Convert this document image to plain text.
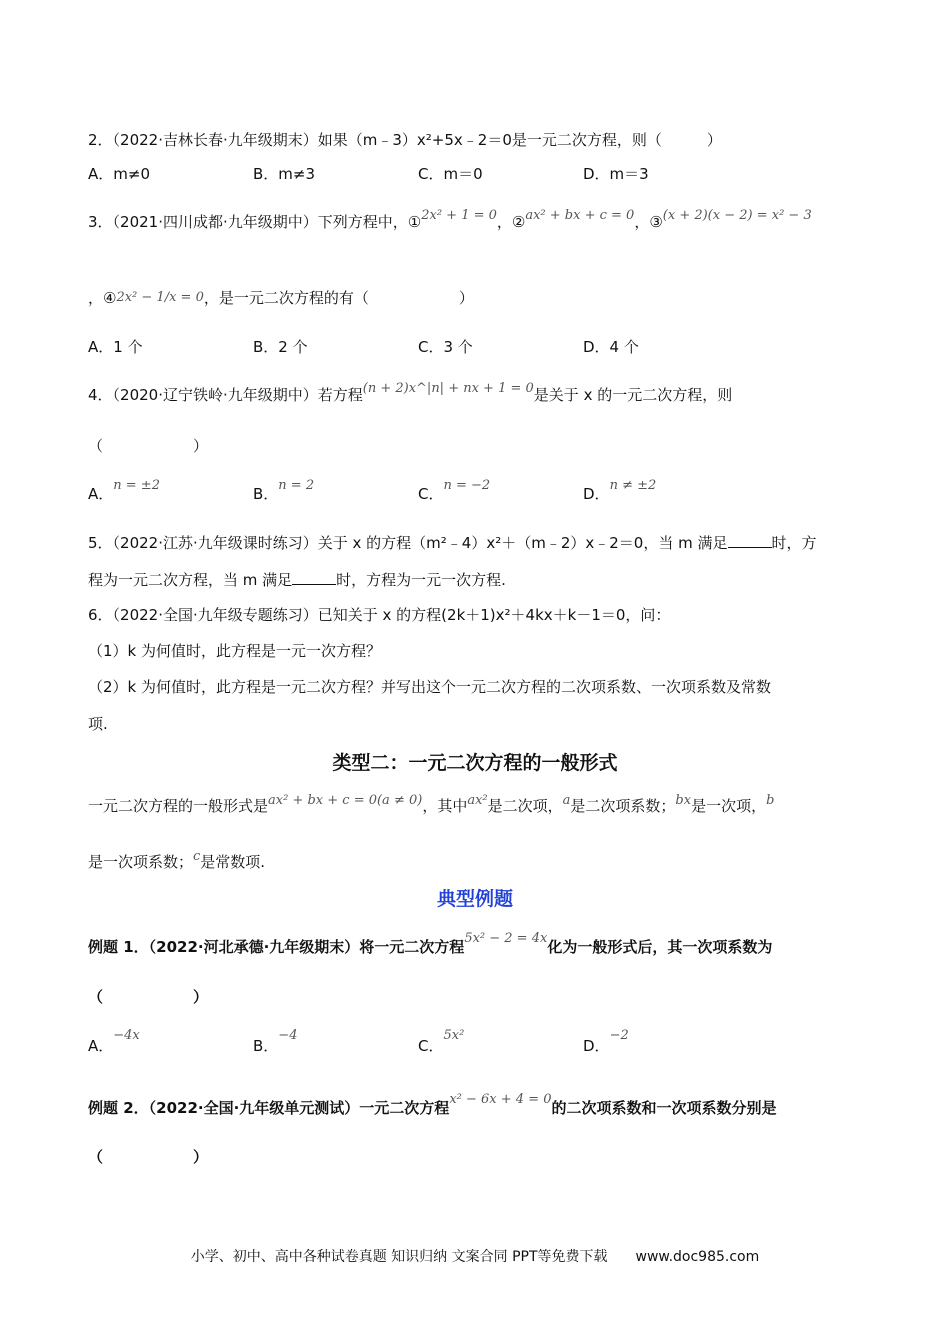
2．（2022·吉林长春·九年级期末）如果（m﹣3）x²+5x﹣2＝0是一元二次方程，则（　　　）
A．m≠0	B．m≠3	C．m＝0	D．m＝3
3．（2021·四川成都·九年级期中）下列方程中，①2x² + 1 = 0，②ax² + bx + c = 0，③(x + 2)(x − 2) = x² − 3
，④2x² − 1/x = 0，是一元二次方程的有（　　　　　　）
A．1 个	B．2 个	C．3 个	D．4 个
4．（2020·辽宁铁岭·九年级期中）若方程(n + 2)x^|n| + nx + 1 = 0是关于 x 的一元二次方程，则
（　　　　　　）
A．n = ±2	B．n = 2	C．n = −2	D．n ≠ ±2
5．（2022·江苏·九年级课时练习）关于 x 的方程（m²﹣4）x²＋（m﹣2）x﹣2＝0，当 m 满足	时，方
程为一元二次方程，当 m 满足	时，方程为一元一次方程.
6．（2022·全国·九年级专题练习）已知关于 x 的方程(2k＋1)x²＋4kx＋k－1＝0，问：
（1）k 为何值时，此方程是一元一次方程？
（2）k 为何值时，此方程是一元二次方程？并写出这个一元二次方程的二次项系数、一次项系数及常数
项.
类型二：一元二次方程的一般形式
一元二次方程的一般形式是ax² + bx + c = 0(a ≠ 0)，其中ax²是二次项，a是二次项系数；bx是一次项，b
是一次项系数；c是常数项.
典型例题
例题 1．（2022·河北承德·九年级期末）将一元二次方程5x² − 2 = 4x化为一般形式后，其一次项系数为
（　　　　　　）
A．−4x
B．−4
C．5x²
D．−2
例题 2．（2022·全国·九年级单元测试）一元二次方程x² − 6x + 4 = 0的二次项系数和一次项系数分别是
（　　　　　　）
小学、初中、高中各种试卷真题 知识归纳 文案合同 PPT等免费下载 www.doc985.com
